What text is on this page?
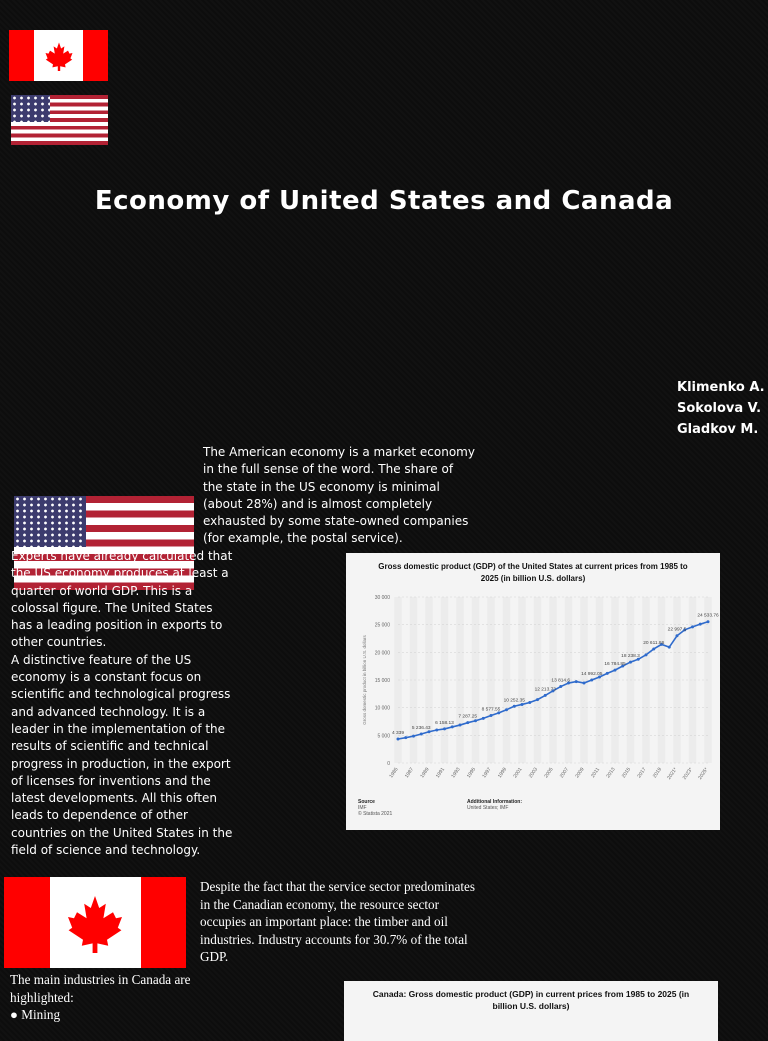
Economy of United States and Canada
Klimenko A.
Sokolova V.
Gladkov M.
The American economy is a market economy in the full sense of the word. The share of the state in the US economy is minimal (about 28%) and is almost completely exhausted by some state-owned companies (for example, the postal service).

Experts have already calculated that the US economy produces at least a quarter of world GDP. This is a colossal figure. The United States has a leading position in exports to other countries.

A distinctive feature of the US economy is a constant focus on scientific and technological progress and advanced technology. It is a leader in the implementation of the results of scientific and technical progress in production, in the export of licenses for inventions and the latest developments. All this often leads to dependence of other countries on the United States in the field of science and technology.

Gross domestic product (GDP) of the United States at current prices from 1985 to 2025 (in billion U.S. dollars)
0
5 000
10 000
15 000
20 000
25 000
30 000
Gross domestic product in billion U.S. dollars
1985 1987 1989 1991 1993 1995 1997 1999 2001 2003 2005 2007 2009 2011 2013 2015 2017 2019 2021* 2023* 2025*
4 339
5 236.43
6 158.13
7 287.25
8 577.55
10 252.35
12 213.73
13 814.6
14 992.05
16 784.85
18 238.3
20 611.86
22 997.5
24 533.76
Source
IMF
© Statista 2021
Additional Information:
United States; IMF
Despite the fact that the service sector predominates in the Canadian economy, the resource sector occupies an important place: the timber and oil industries. Industry accounts for 30.7% of the total GDP.
The main industries in Canada are highlighted:
● Mining
Canada: Gross domestic product (GDP) in current prices from 1985 to 2025 (in billion U.S. dollars)
